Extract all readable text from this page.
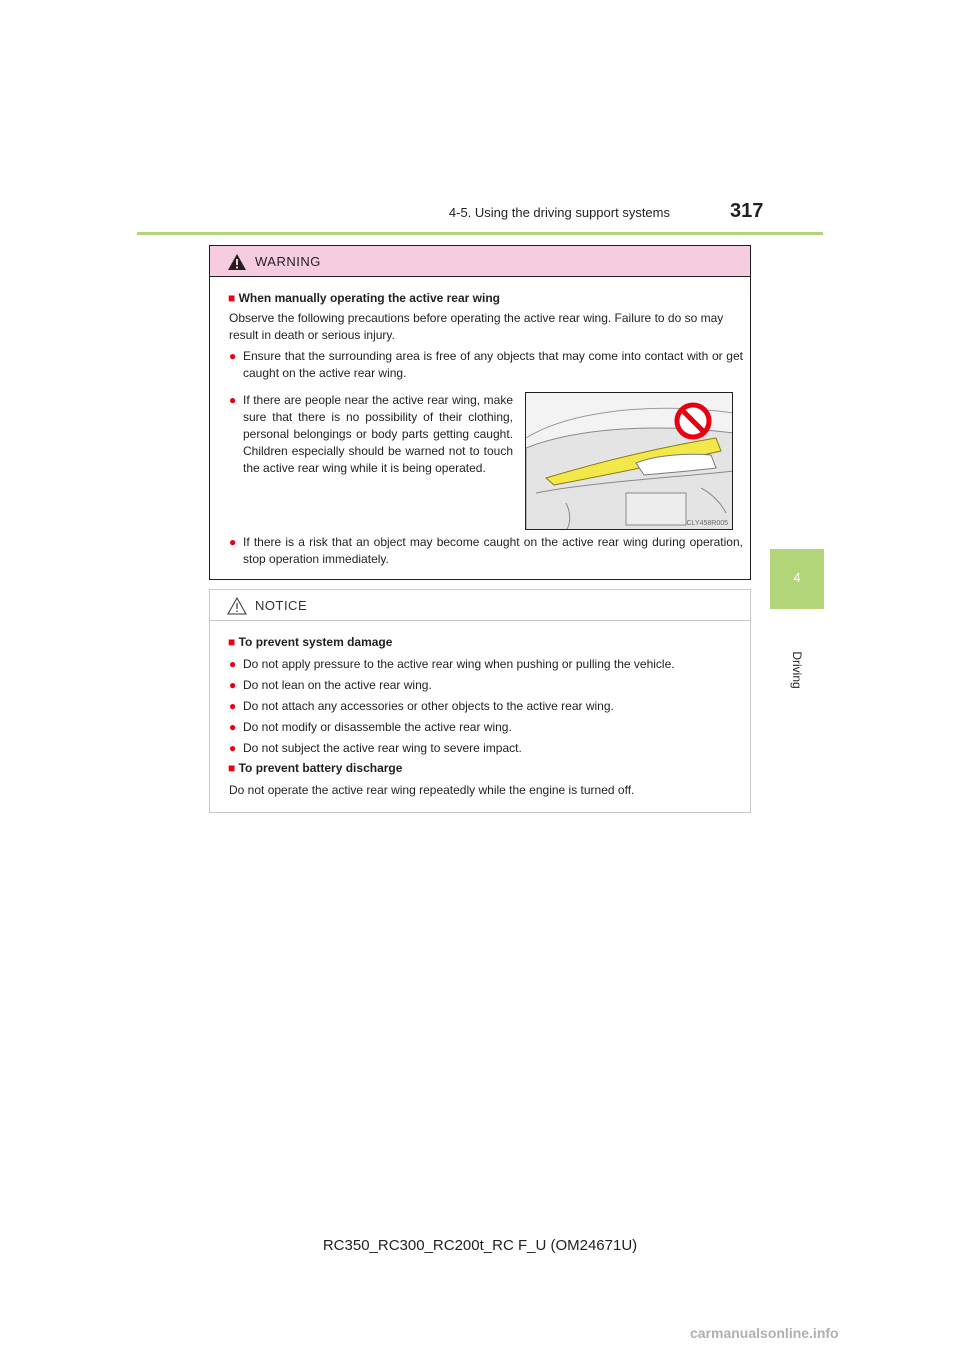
4-5. Using the driving support systems	317
4
Driving
WARNING
■ When manually operating the active rear wing
Observe the following precautions before operating the active rear wing. Failure to do so may result in death or serious injury.
● Ensure that the surrounding area is free of any objects that may come into contact with or get caught on the active rear wing.
● If there are people near the active rear wing, make sure that there is no possibility of their clothing, personal belongings or body parts getting caught. Children especially should be warned not to touch the active rear wing while it is being operated.
CLY458R005
● If there is a risk that an object may become caught on the active rear wing during operation, stop operation immediately.
NOTICE
■ To prevent system damage
● Do not apply pressure to the active rear wing when pushing or pulling the vehicle.
● Do not lean on the active rear wing.
● Do not attach any accessories or other objects to the active rear wing.
● Do not modify or disassemble the active rear wing.
● Do not subject the active rear wing to severe impact.
■ To prevent battery discharge
Do not operate the active rear wing repeatedly while the engine is turned off.
RC350_RC300_RC200t_RC F_U (OM24671U)
carmanualsonline.info
